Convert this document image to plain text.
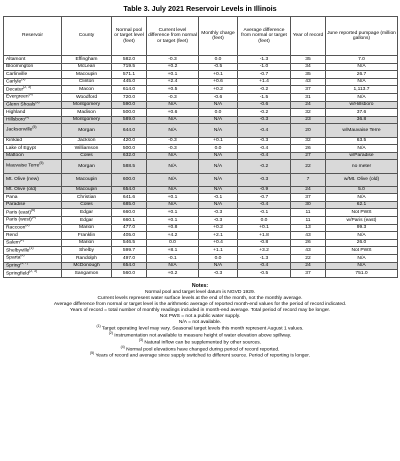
Table 3. July 2021 Reservoir Levels in Illinois
Reservoir	County	Normal pool or target level (feet)	Current level difference from normal or target (feet)	Monthly charge (feet)	Average difference from normal or target (feet)	Year of record	June reported pumpage (million gallons)
Altamont	Effingham	582.0	-0.3	0.0	-1.3	35	7.0
Bloomington	McLean	719.5	+0.2	-0.5	-1.0	34	N/A
Carlinville	Macoupin	571.1	+0.1	+0.1	-0.7	35	26.7
Carlyle$^{(1)}$	Clinton	445.0	+2.4	+0.6	+1.4	43	N/A
Decatur$^{(2, 3)}$	Macon	614.0	+0.5	+0.2	-0.2	37	1,113.7
Evergreen$^{(4)}$	Woodford	720.0	-0.3	-0.6	-1.5	31	N/A
Glenn Shoals$^{(5)}$	Montgomery	590.0	N/A	N/A	-0.6	24	w/Hillsboro
Highland	Madison	500.0	+0.6	0.0	-0.2	32	37.6
Hillsboro$^{(5)}$	Montgomery	589.0	N/A	N/A	-0.3	23	36.8
Jacksonville$^{(5)}$	Morgan	644.0	N/A	N/A	-0.4	20	w/Mauvaise Terre
Kinkaid	Jackson	420.0	-0.3	+0.1	-0.3	32	63.5
Lake of Egypt	Williamson	500.0	-0.3	0.0	-0.4	26	N/A
Mattoon	Coles	632.0	N/A	N/A	-0.4	27	w/Paradise
Mauvaise Terre$^{(5)}$	Morgan	588.5	N/A	N/A	-0.2	22	no meter
Mt. Olive (new)	Macoupin	600.0	N/A	N/A	-0.3	7	w/Mt. Olive (old)
Mt. Olive (old)	Macoupin	654.0	N/A	N/A	-0.9	24	5.0
Pana	Christian	641.6	+0.1	-0.1	-0.7	37	N/A
Paradise	Coles	685.0	N/A	N/A	-0.4	30	62.1
Paris (east)$^{(6)}$	Edgar	660.0	+0.1	-0.3	-0.1	11	Not PWS
Paris (west)$^{(6)}$	Edgar	660.1	+0.1	-0.3	0.0	11	w/Paris (east)
Raccoon$^{(2)}$	Marion	477.0	+0.8	+0.2	+0.1	13	99.3
Rend	Franklin	405.0	+4.2	+2.1	+1.8	43	N/A
Salem$^{(2)}$	Marion	546.5	0.0	+0.4	-0.8	26	26.0
Shelbyville$^{(1)}$	Shelby	599.7	+8.1	+1.1	+3.2	43	Not PWS
Sparta$^{(2)}$	Randolph	497.0	-0.1	0.0	-1.3	22	N/A
Spring$^{(4, 7)}$	McDonough	654.0	N/A	N/A	-0.4	24	N/A
Springfield$^{(2, 3)}$	Sangamon	560.0	+0.2	-0.3	-0.5	37	751.0
Notes:
Normal pool and target level datum is NGVD 1929.
Current levels represent water surface levels at the end of the month, not the monthly average.
Average difference from normal or target level is the arithmetic average of reported month-end values for the period of record indicated.
Years of record = total number of monthly readings included in month-end average. Total period of record may be longer.
Not PWS = not a public water supply.
N/A = not available.
$^{(1)}$ Target operating level may vary. Seasonal target levels this month represent August 1 values.
$^{(2)}$ Instrumentation not available to measure height of water elevation above spillway.
$^{(3)}$ Natural inflow can be supplemented by other sources.
$^{(4)}$ Normal pool elevations have changed during period of record reported.
$^{(5)}$ Years of record and average since supply switched to different source. Period of reporting is longer.
